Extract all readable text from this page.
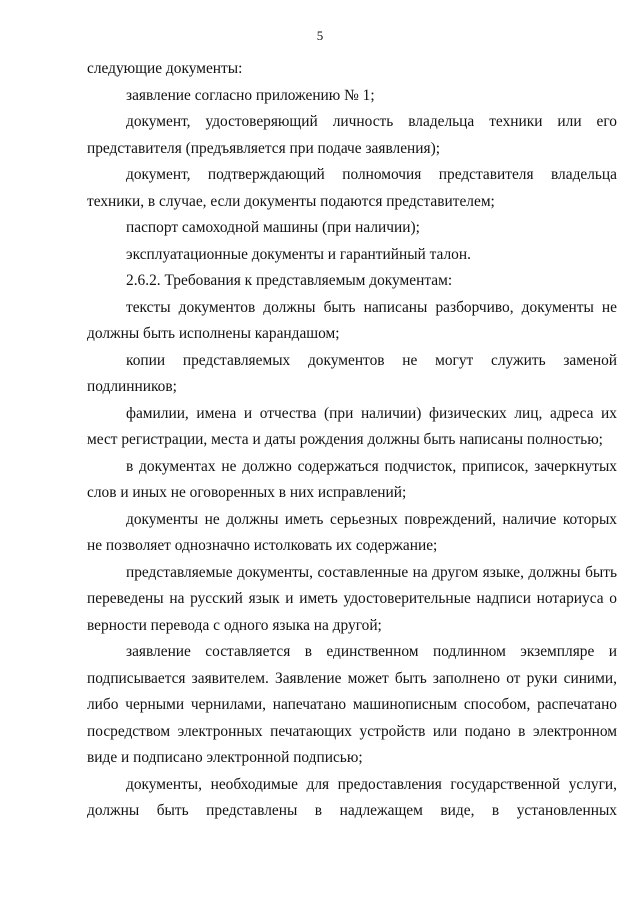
5

следующие документы:

заявление согласно приложению № 1;

документ, удостоверяющий личность владельца техники или его представителя (предъявляется при подаче заявления);

документ, подтверждающий полномочия представителя владельца техники, в случае, если документы подаются представителем;

паспорт самоходной машины (при наличии);

эксплуатационные документы и гарантийный талон.

2.6.2. Требования к представляемым документам:

тексты документов должны быть написаны разборчиво, документы не должны быть исполнены карандашом;

копии представляемых документов не могут служить заменой подлинников;

фамилии, имена и отчества (при наличии) физических лиц, адреса их мест регистрации, места и даты рождения должны быть написаны полностью;

в документах не должно содержаться подчисток, приписок, зачеркнутых слов и иных не оговоренных в них исправлений;

документы не должны иметь серьезных повреждений, наличие которых не позволяет однозначно истолковать их содержание;

представляемые документы, составленные на другом языке, должны быть переведены на русский язык и иметь удостоверительные надписи нотариуса о верности перевода с одного языка на другой;

заявление составляется в единственном подлинном экземпляре и подписывается заявителем. Заявление может быть заполнено от руки синими, либо черными чернилами, напечатано машинописным способом, распечатано посредством электронных печатающих устройств или подано в электронном виде и подписано электронной подписью;

документы, необходимые для предоставления государственной услуги, должны быть представлены в надлежащем виде, в установленных
